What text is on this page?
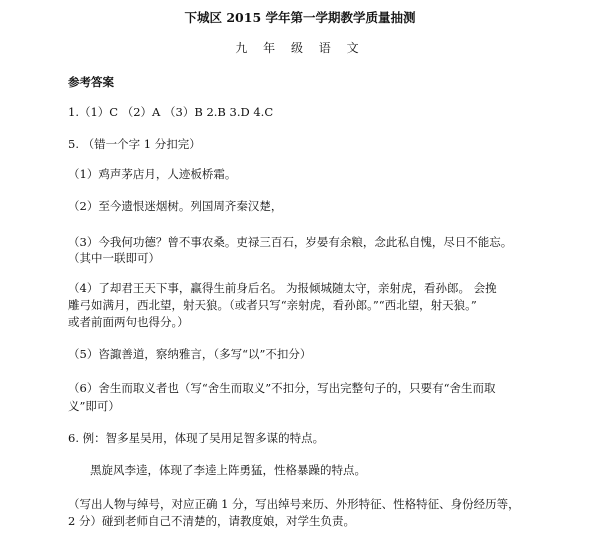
下城区 2015 学年第一学期教学质量抽测
九 年 级 语 文
参考答案
1.（1）C （2）A （3）B 2.B 3.D 4.C
5. （错一个字 1 分扣完）
（1）鸡声茅店月，人迹板桥霜。
（2）至今遗恨迷烟树。列国周齐秦汉楚，
（3）今我何功德？曾不事农桑。吏禄三百石，岁晏有余粮，念此私自愧，尽日不能忘。
（其中一联即可）
（4）了却君王天下事，赢得生前身后名。 为报倾城随太守，亲射虎，看孙郎。 会挽
雕弓如满月，西北望，射天狼。（或者只写“亲射虎，看孙郎。”“西北望，射天狼。”
或者前面两句也得分。）
（5）咨諏善道，察纳雅言，（多写“以”不扣分）
（6）舍生而取义者也（写“舍生而取义”不扣分，写出完整句子的，只要有“舍生而取
义”即可）
6. 例：智多星吴用，体现了吴用足智多谋的特点。
黑旋风李逵，体现了李逵上阵勇猛，性格暴躁的特点。
（写出人物与绰号，对应正确 1 分，写出绰号来历、外形特征、性格特征、身份经历等，
2 分）碰到老师自己不清楚的，请教度娘，对学生负责。
